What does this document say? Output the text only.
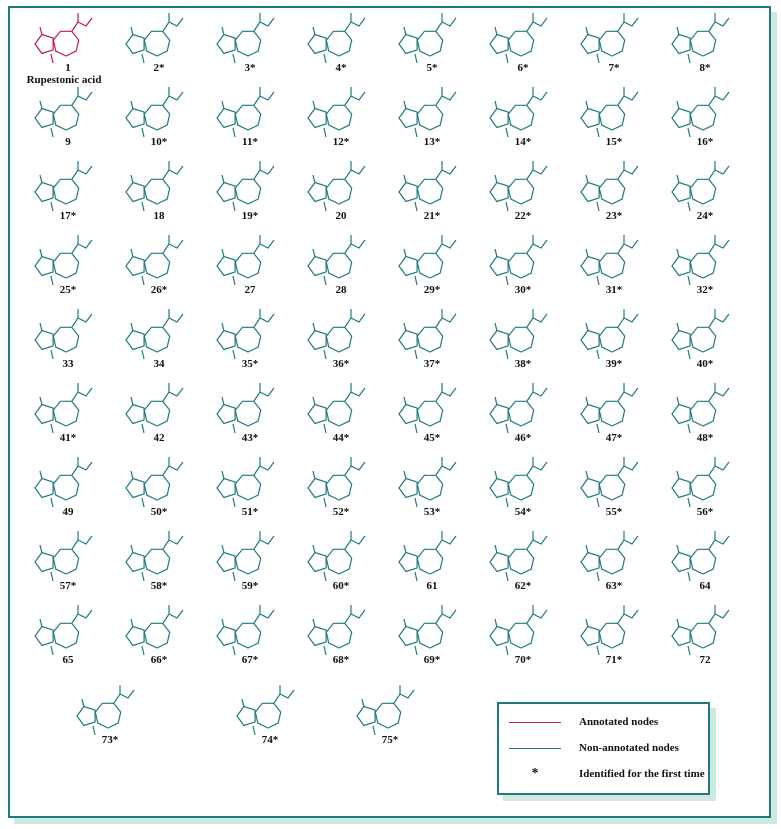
1
Rupestonic acid
2*	3*	4*	5*	6*	7*	8*
9	10*	11*	12*	13*	14*	15*	16*
17*	18	19*	20	21*	22*	23*	24*
25*	26*	27	28	29*	30*	31*	32*
33	34	35*	36*	37*	38*	39*	40*
41*	42	43*	44*	45*	46*	47*	48*
49	50*	51*	52*	53*	54*	55*	56*
57*	58*	59*	60*	61	62*	63*	64
65	66*	67*	68*	69*	70*	71*	72
73*	74*	75*
Annotated nodes
Non-annotated nodes
*	Identified for the first time
